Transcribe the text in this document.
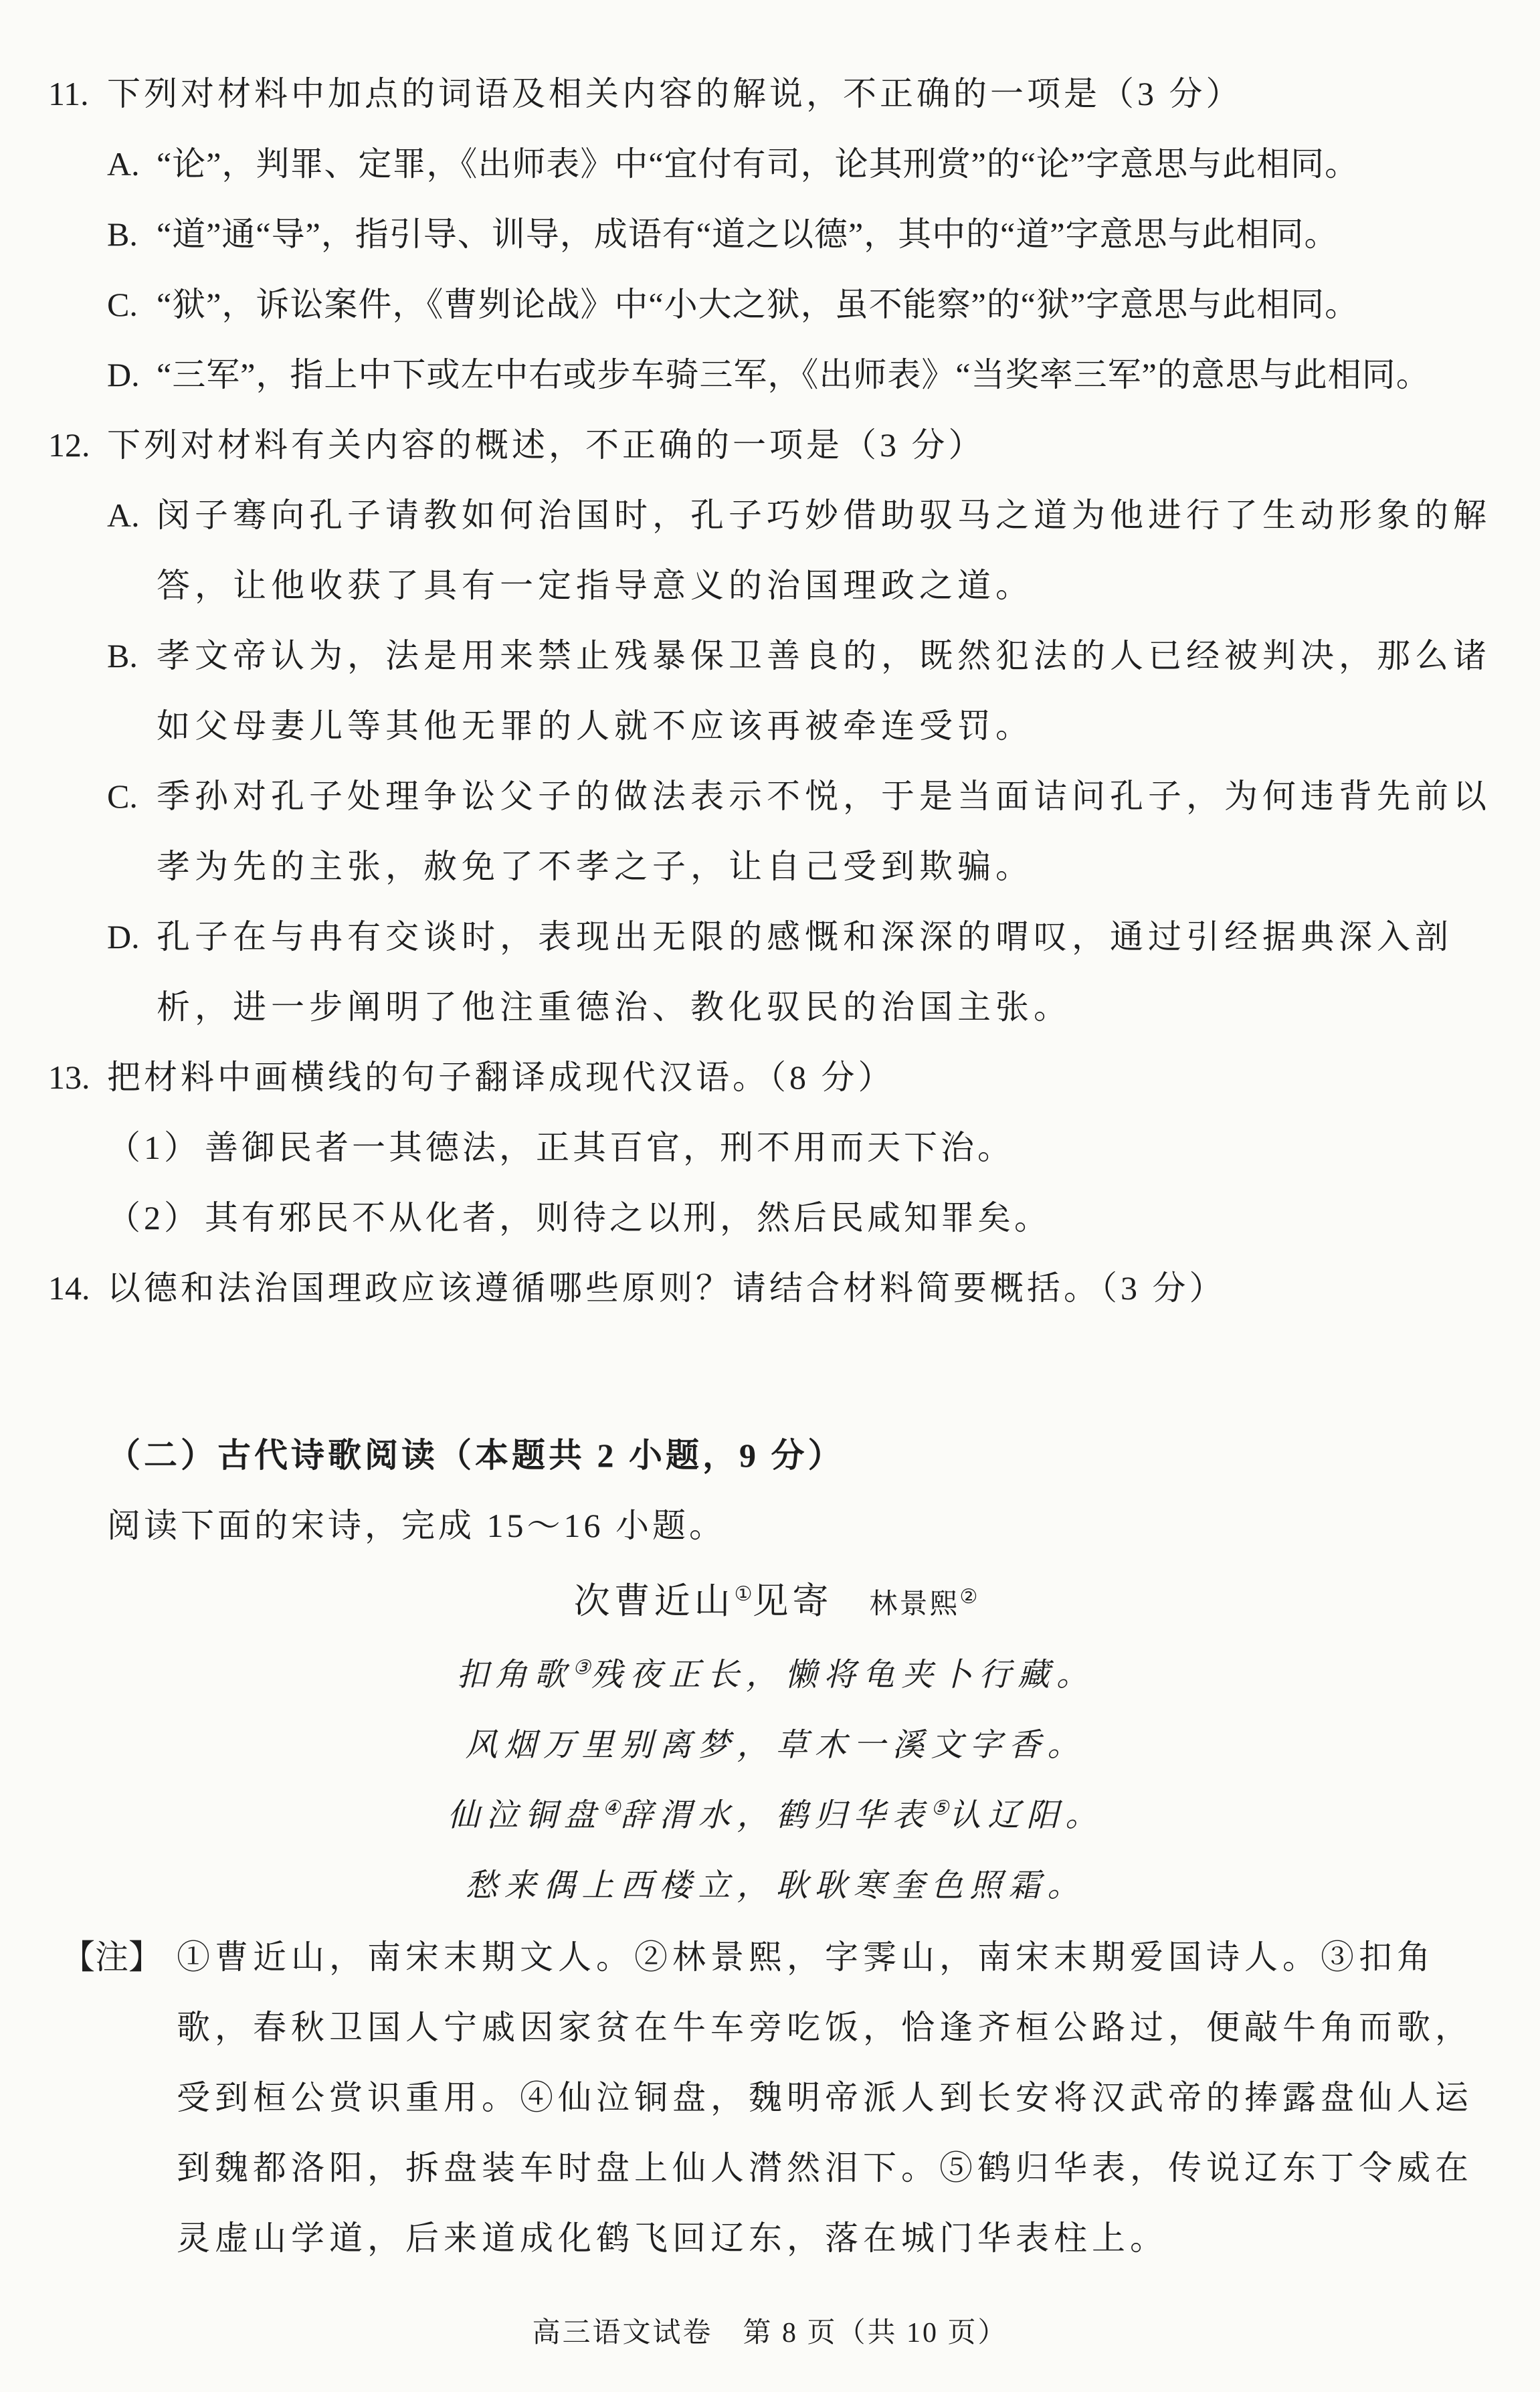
11. 下列对材料中加点的词语及相关内容的解说，不正确的一项是（3 分）
A. “论”，判罪、定罪，《出师表》中“宜付有司，论其刑赏”的“论”字意思与此相同。
B. “道”通“导”，指引导、训导，成语有“道之以德”，其中的“道”字意思与此相同。
C. “狱”，诉讼案件，《曹刿论战》中“小大之狱，虽不能察”的“狱”字意思与此相同。
D. “三军”，指上中下或左中右或步车骑三军，《出师表》“当奖率三军”的意思与此相同。
12. 下列对材料有关内容的概述，不正确的一项是（3 分）
A. 闵子骞向孔子请教如何治国时，孔子巧妙借助驭马之道为他进行了生动形象的解答，让他收获了具有一定指导意义的治国理政之道。
B. 孝文帝认为，法是用来禁止残暴保卫善良的，既然犯法的人已经被判决，那么诸如父母妻儿等其他无罪的人就不应该再被牵连受罚。
C. 季孙对孔子处理争讼父子的做法表示不悦，于是当面诘问孔子，为何违背先前以孝为先的主张，赦免了不孝之子，让自己受到欺骗。
D. 孔子在与冉有交谈时，表现出无限的感慨和深深的喟叹，通过引经据典深入剖析，进一步阐明了他注重德治、教化驭民的治国主张。
13. 把材料中画横线的句子翻译成现代汉语。（8 分）
（1） 善御民者一其德法，正其百官，刑不用而天下治。
（2） 其有邪民不从化者，则待之以刑，然后民咸知罪矣。
14. 以德和法治国理政应该遵循哪些原则？请结合材料简要概括。（3 分）
（二）古代诗歌阅读（本题共 2 小题，9 分）
阅读下面的宋诗，完成 15～16 小题。
次曹近山①见寄 林景熙②
扣角歌③残夜正长，懒将龟夹卜行藏。
风烟万里别离梦，草木一溪文字香。
仙泣铜盘④辞渭水，鹤归华表⑤认辽阳。
愁来偶上西楼立，耿耿寒奎色照霜。
【注】 ①曹近山，南宋末期文人。②林景熙，字霁山，南宋末期爱国诗人。③扣角歌，春秋卫国人宁戚因家贫在牛车旁吃饭，恰逢齐桓公路过，便敲牛角而歌，受到桓公赏识重用。④仙泣铜盘，魏明帝派人到长安将汉武帝的捧露盘仙人运到魏都洛阳，拆盘装车时盘上仙人潸然泪下。⑤鹤归华表，传说辽东丁令威在灵虚山学道，后来道成化鹤飞回辽东，落在城门华表柱上。
高三语文试卷　第 8 页（共 10 页）
